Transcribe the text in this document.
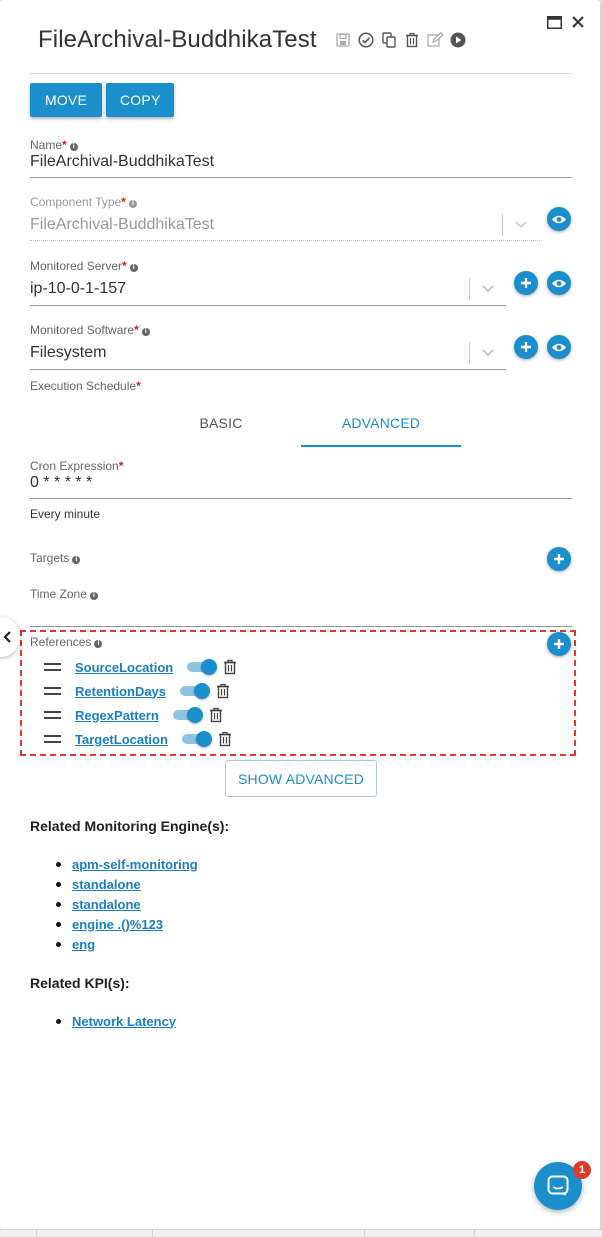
FileArchival-BuddhikaTest
MOVE	COPY
Name* i
FileArchival-BuddhikaTest
Component Type* i
FileArchival-BuddhikaTest
Monitored Server* i
ip-10-0-1-157
Monitored Software* i
Filesystem
Execution Schedule*
BASIC	ADVANCED
Cron Expression*
0 * * * * *
Every minute
Targets i
Time Zone i
References i
SourceLocation
RetentionDays
RegexPattern
TargetLocation
SHOW ADVANCED
Related Monitoring Engine(s):
apm-self-monitoring
standalone
standalone
engine .()%123
eng
Related KPI(s):
Network Latency
1
